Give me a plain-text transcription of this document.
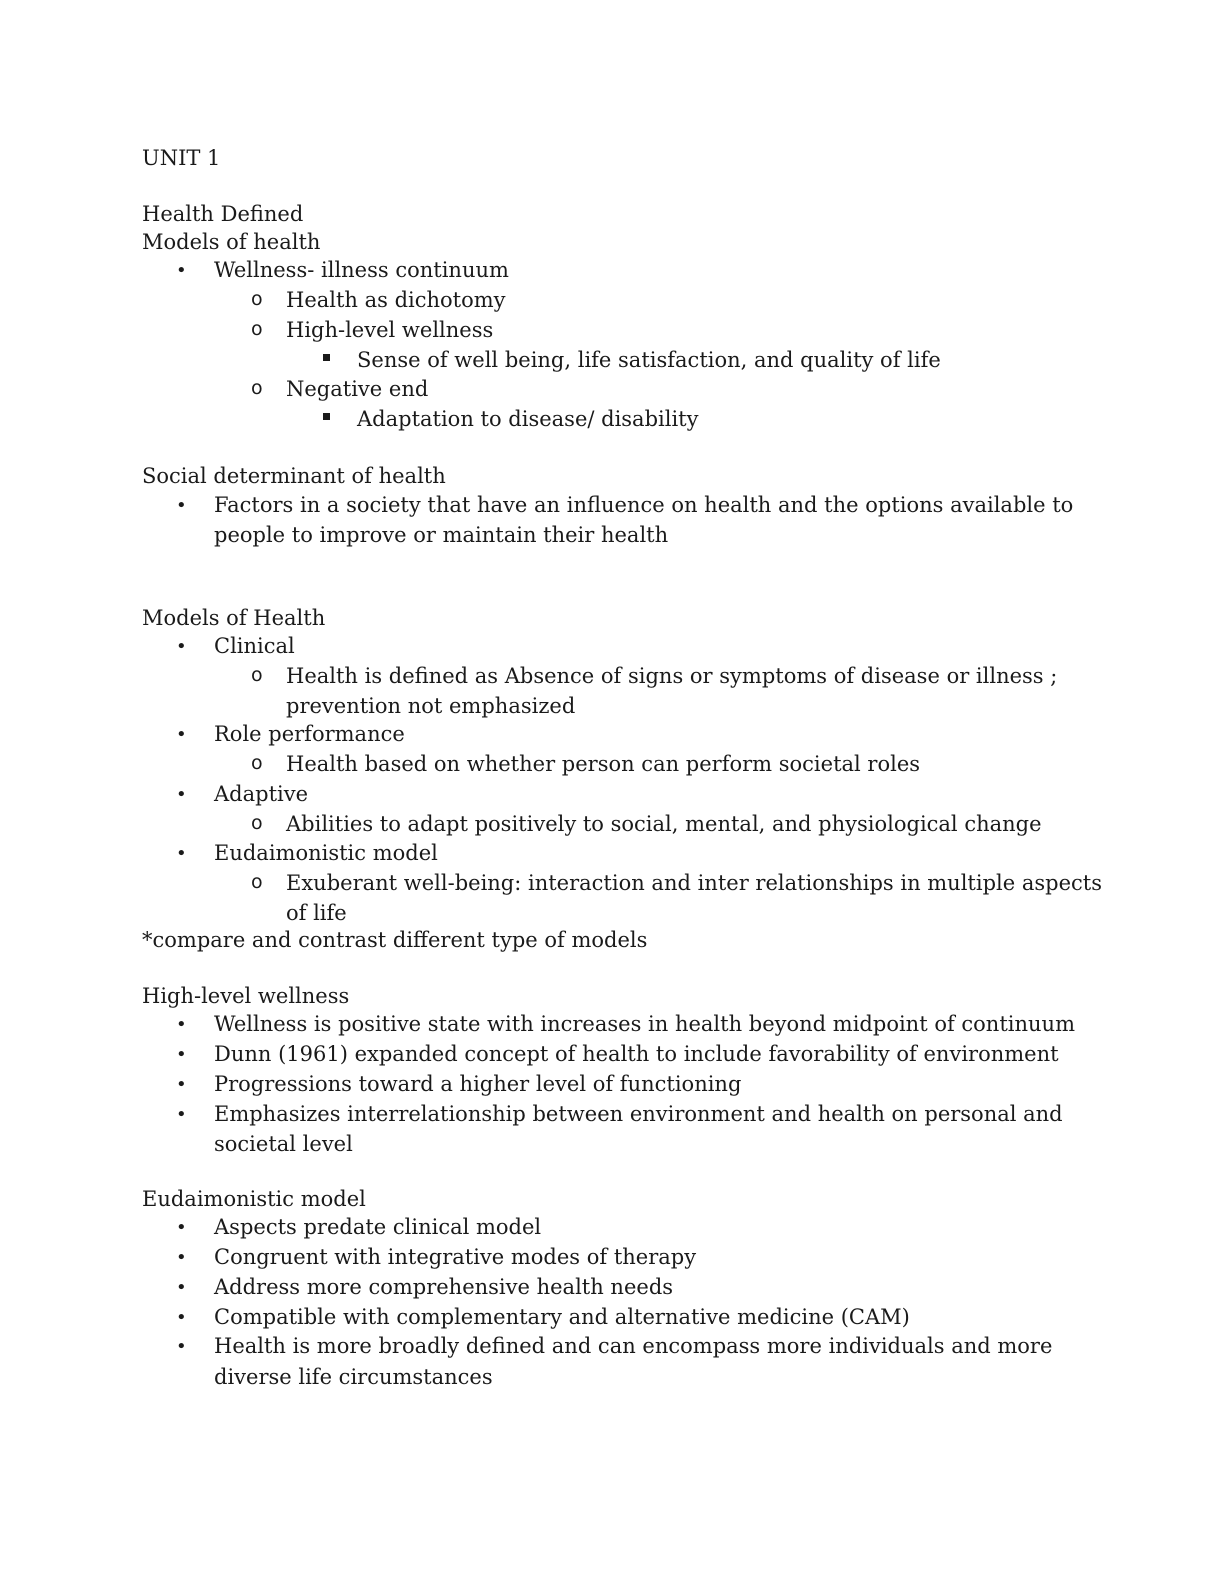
UNIT 1
Health Defined
Models of health
• Wellness- illness continuum
o Health as dichotomy
o High-level wellness
Sense of well being, life satisfaction, and quality of life
o Negative end
Adaptation to disease/ disability
Social determinant of health
• Factors in a society that have an influence on health and the options available to
people to improve or maintain their health
Models of Health
• Clinical
o Health is defined as Absence of signs or symptoms of disease or illness ;
prevention not emphasized
• Role performance
o Health based on whether person can perform societal roles
• Adaptive
o Abilities to adapt positively to social, mental, and physiological change
• Eudaimonistic model
o Exuberant well-being: interaction and inter relationships in multiple aspects
of life
*compare and contrast different type of models
High-level wellness
• Wellness is positive state with increases in health beyond midpoint of continuum
• Dunn (1961) expanded concept of health to include favorability of environment
• Progressions toward a higher level of functioning
• Emphasizes interrelationship between environment and health on personal and
societal level
Eudaimonistic model
• Aspects predate clinical model
• Congruent with integrative modes of therapy
• Address more comprehensive health needs
• Compatible with complementary and alternative medicine (CAM)
• Health is more broadly defined and can encompass more individuals and more
diverse life circumstances
